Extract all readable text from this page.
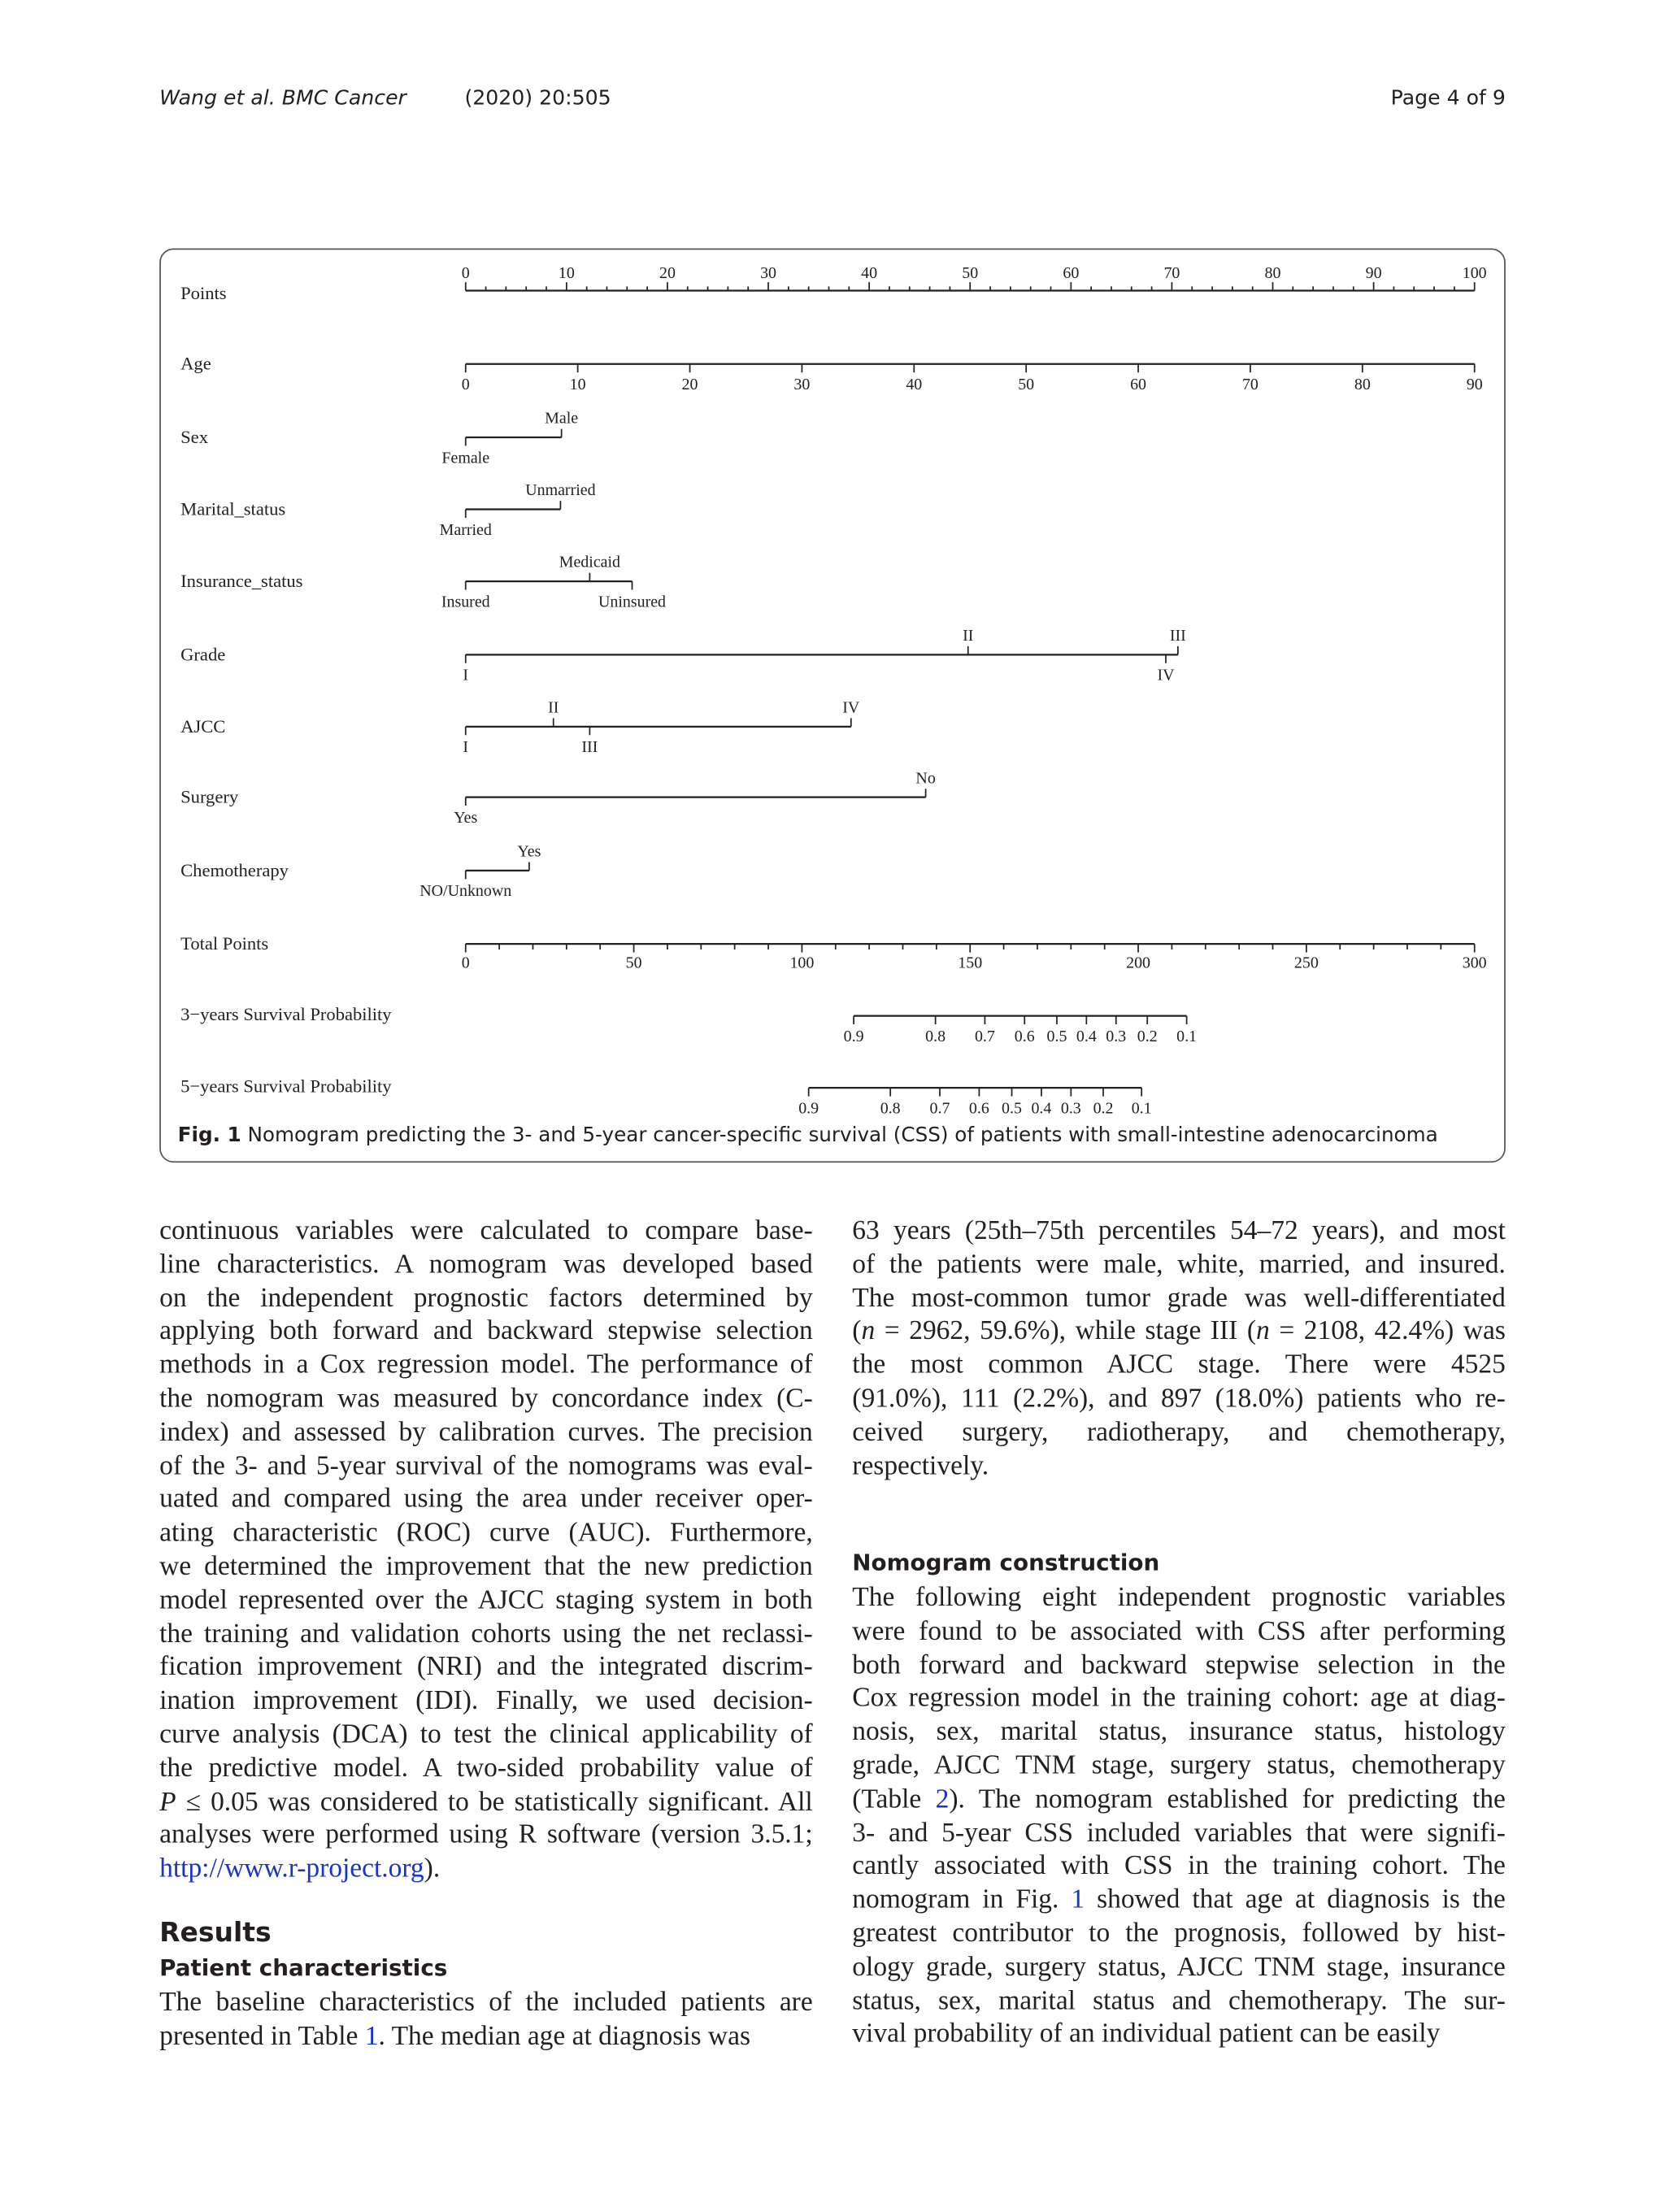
Wang et al. BMC Cancer	(2020) 20:505	Page 4 of 9
Points
0	10	20	30	40	50	60	70	80	90	100
Age
0	10	20	30	40	50	60	70	80	90
Sex
Female
Male
Marital_status
Married
Unmarried
Insurance_status
Insured
Medicaid
Uninsured
Grade
I
II
IV
III
AJCC
I
II
III
IV
Surgery
Yes
No
Chemotherapy
NO/Unknown
Yes
Total Points
0	50	100	150	200	250	300
3−years Survival Probability
0.9	0.8	0.7 0.6 0.5 0.4 0.3 0.2 0.1
5−years Survival Probability
0.9	0.8	0.7 0.6 0.5 0.4 0.3 0.2 0.1
Fig. 1 Nomogram predicting the 3- and 5-year cancer-specific survival (CSS) of patients with small-intestine adenocarcinoma
continuous variables were calculated to compare base-
line characteristics. A nomogram was developed based
on the independent prognostic factors determined by
applying both forward and backward stepwise selection
methods in a Cox regression model. The performance of
the nomogram was measured by concordance index (C-
index) and assessed by calibration curves. The precision
of the 3- and 5-year survival of the nomograms was eval-
uated and compared using the area under receiver oper-
ating characteristic (ROC) curve (AUC). Furthermore,
we determined the improvement that the new prediction
model represented over the AJCC staging system in both
the training and validation cohorts using the net reclassi-
fication improvement (NRI) and the integrated discrim-
ination improvement (IDI). Finally, we used decision-
curve analysis (DCA) to test the clinical applicability of
the predictive model. A two-sided probability value of
P ≤ 0.05 was considered to be statistically significant. All
analyses were performed using R software (version 3.5.1;
http://www.r-project.org).
Results
Patient characteristics
The baseline characteristics of the included patients are
presented in Table 1. The median age at diagnosis was
63 years (25th–75th percentiles 54–72 years), and most
of the patients were male, white, married, and insured.
The most-common tumor grade was well-differentiated
(n = 2962, 59.6%), while stage III (n = 2108, 42.4%) was
the most common AJCC stage. There were 4525
(91.0%), 111 (2.2%), and 897 (18.0%) patients who re-
ceived surgery, radiotherapy, and chemotherapy,
respectively.
Nomogram construction
The following eight independent prognostic variables
were found to be associated with CSS after performing
both forward and backward stepwise selection in the
Cox regression model in the training cohort: age at diag-
nosis, sex, marital status, insurance status, histology
grade, AJCC TNM stage, surgery status, chemotherapy
(Table 2). The nomogram established for predicting the
3- and 5-year CSS included variables that were signifi-
cantly associated with CSS in the training cohort. The
nomogram in Fig. 1 showed that age at diagnosis is the
greatest contributor to the prognosis, followed by hist-
ology grade, surgery status, AJCC TNM stage, insurance
status, sex, marital status and chemotherapy. The sur-
vival probability of an individual patient can be easily
